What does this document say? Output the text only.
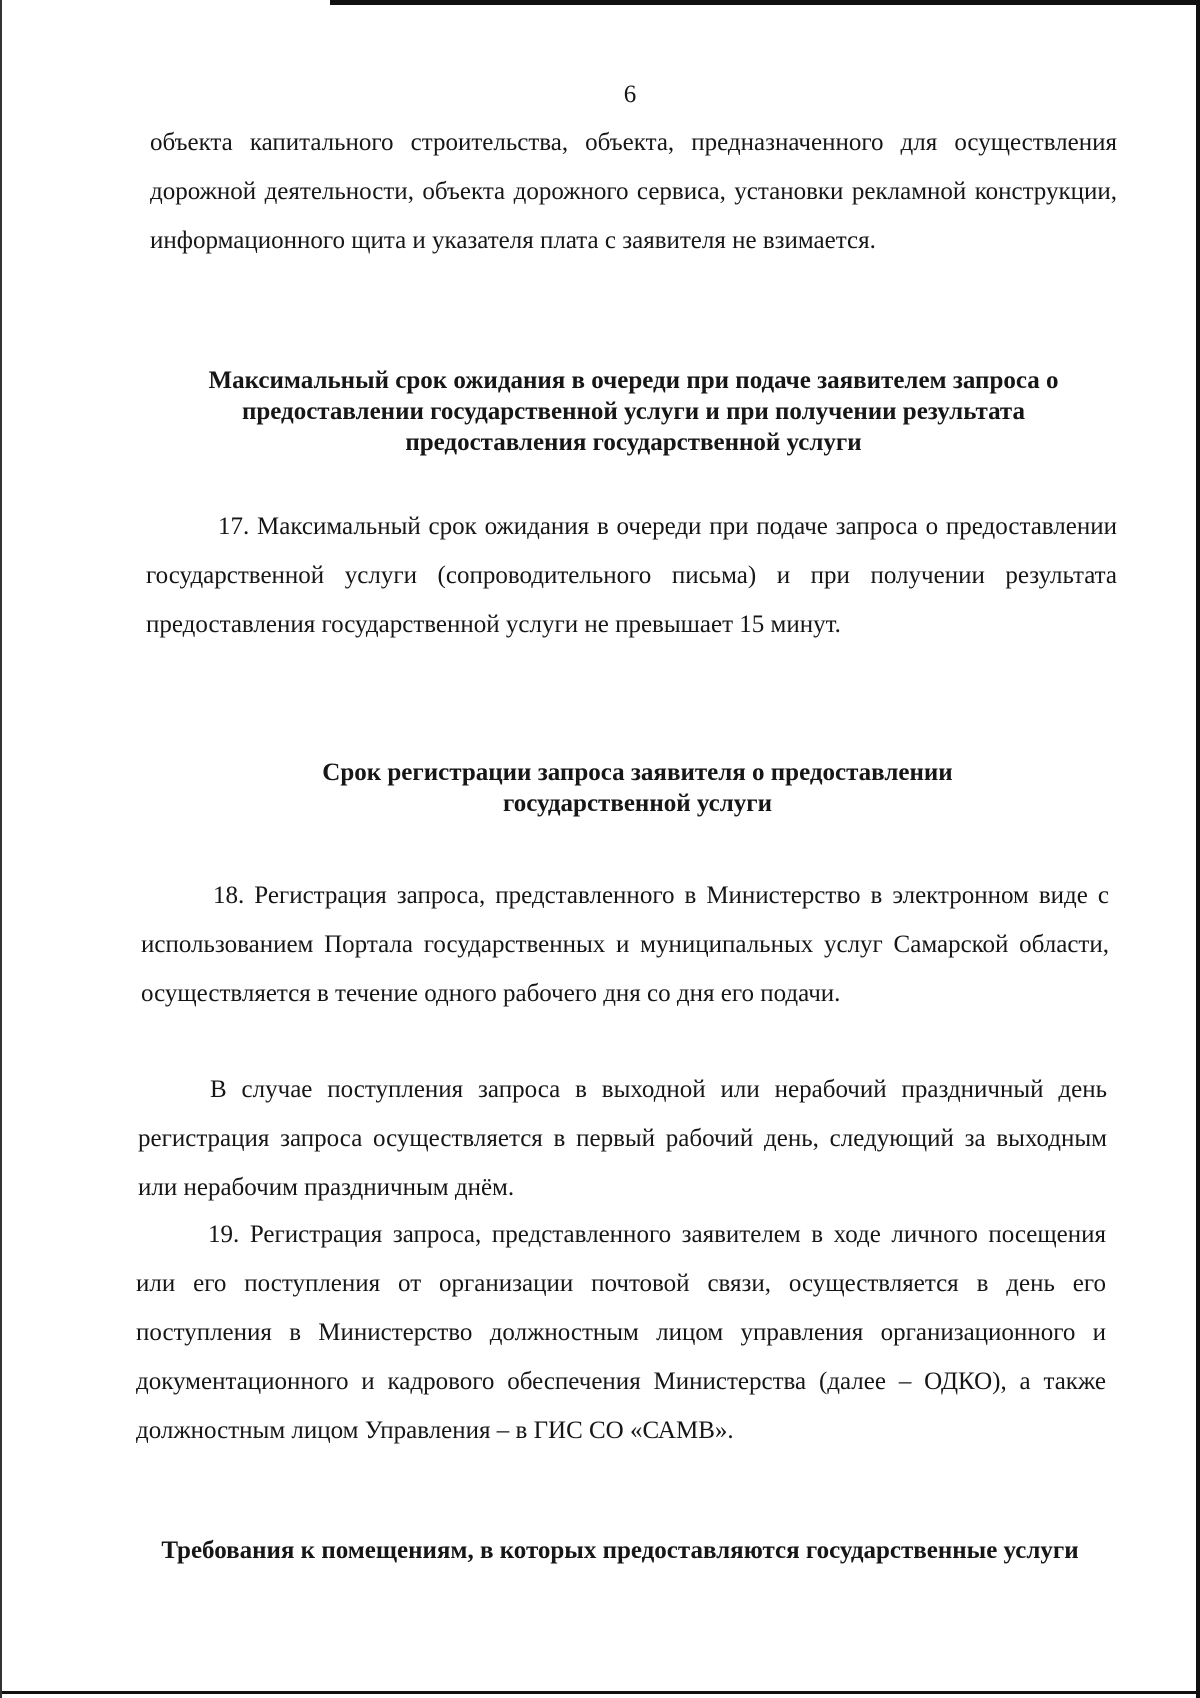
6

объекта капитального строительства, объекта, предназначенного для осуществления дорожной деятельности, объекта дорожного сервиса, установки рекламной конструкции, информационного щита и указателя плата с заявителя не взимается.

Максимальный срок ожидания в очереди при подаче заявителем запроса о предоставлении государственной услуги и при получении результата предоставления государственной услуги

17. Максимальный срок ожидания в очереди при подаче запроса о предоставлении государственной услуги (сопроводительного письма) и при получении результата предоставления государственной услуги не превышает 15 минут.

Срок регистрации запроса заявителя о предоставлении государственной услуги

18. Регистрация запроса, представленного в Министерство в электронном виде с использованием Портала государственных и муниципальных услуг Самарской области, осуществляется в течение одного рабочего дня со дня его подачи.

В случае поступления запроса в выходной или нерабочий праздничный день регистрация запроса осуществляется в первый рабочий день, следующий за выходным или нерабочим праздничным днём.

19. Регистрация запроса, представленного заявителем в ходе личного посещения или его поступления от организации почтовой связи, осуществляется в день его поступления в Министерство должностным лицом управления организационного и документационного и кадрового обеспечения Министерства (далее – ОДКО), а также должностным лицом Управления – в ГИС СО «САМВ».

Требования к помещениям, в которых предоставляются государственные услуги
